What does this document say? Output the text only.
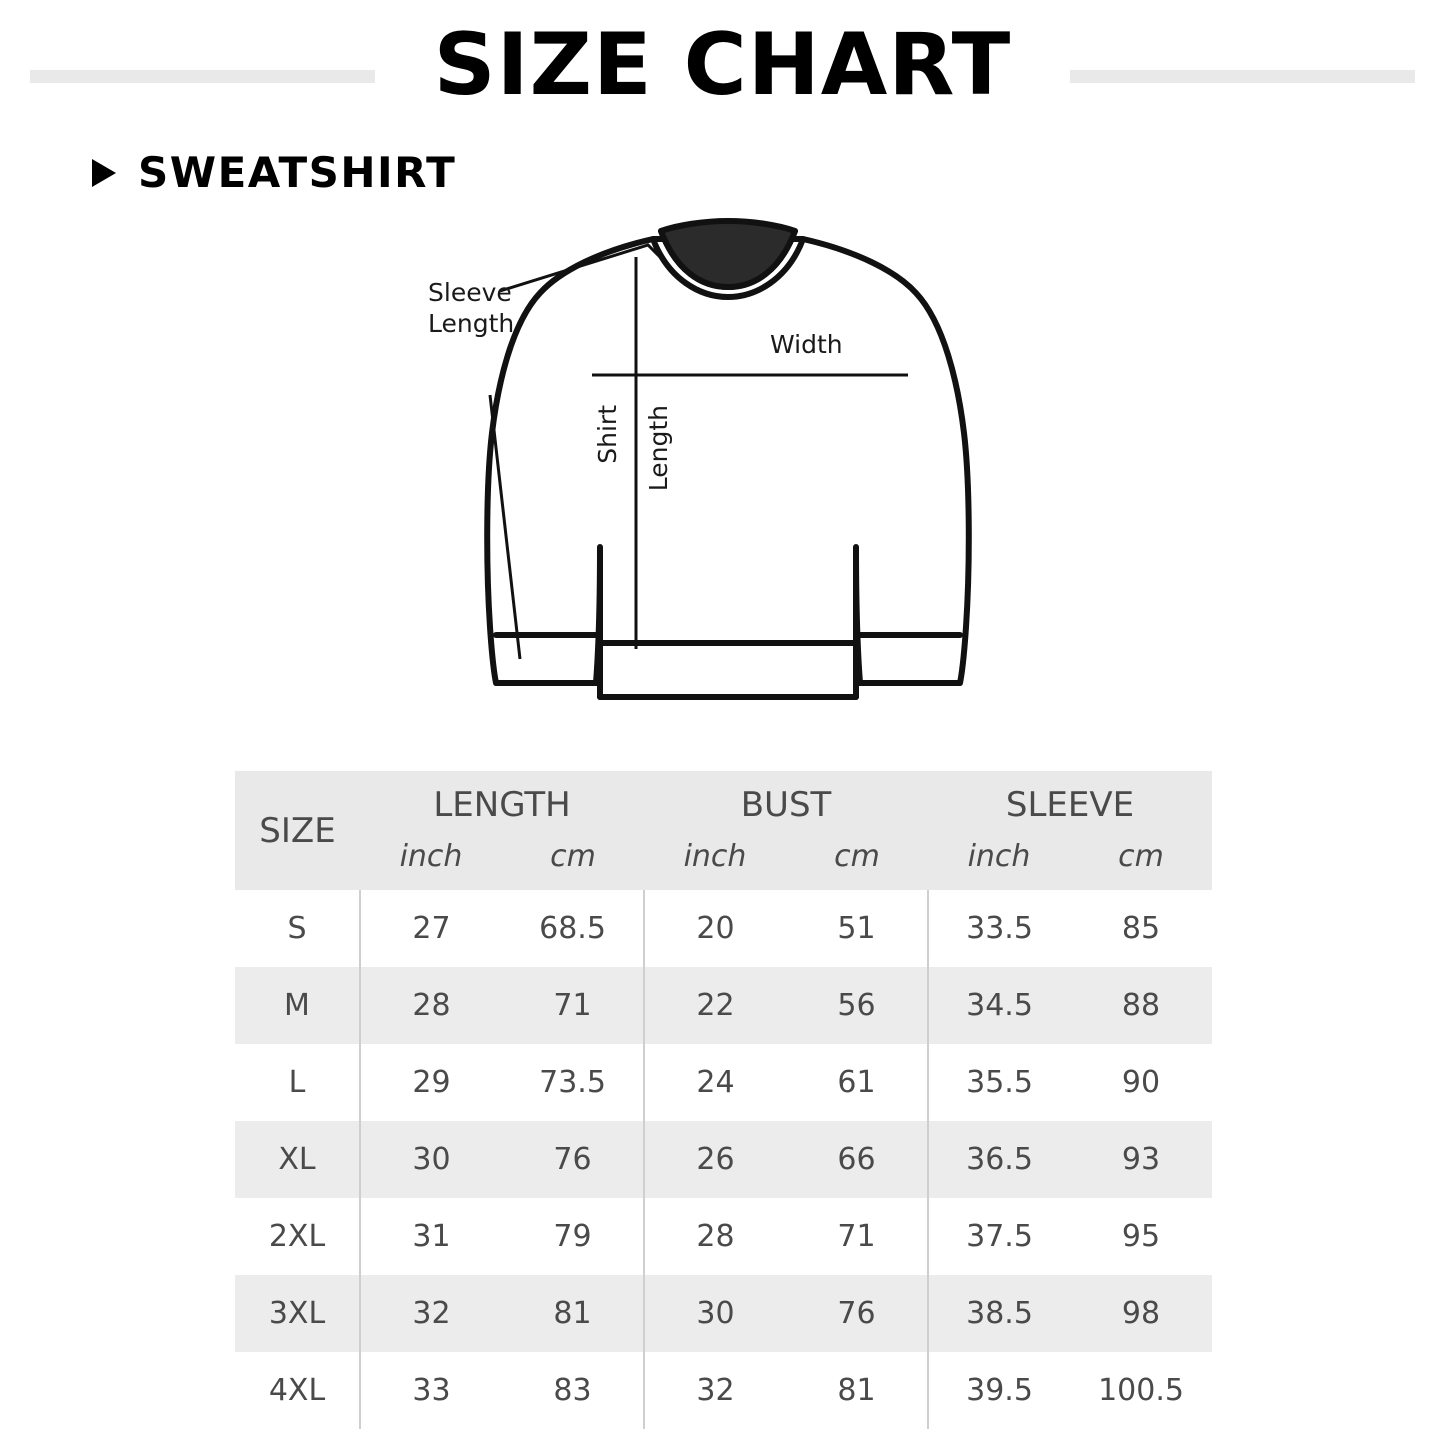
SIZE CHART
SWEATSHIRT
Sleeve
Length
Width
Shirt Length
SIZE	LENGTH		BUST		SLEEVE	
	inch	cm	inch	cm	inch	cm
S	27	68.5	20	51	33.5	85
M	28	71	22	56	34.5	88
L	29	73.5	24	61	35.5	90
XL	30	76	26	66	36.5	93
2XL	31	79	28	71	37.5	95
3XL	32	81	30	76	38.5	98
4XL	33	83	32	81	39.5	100.5
